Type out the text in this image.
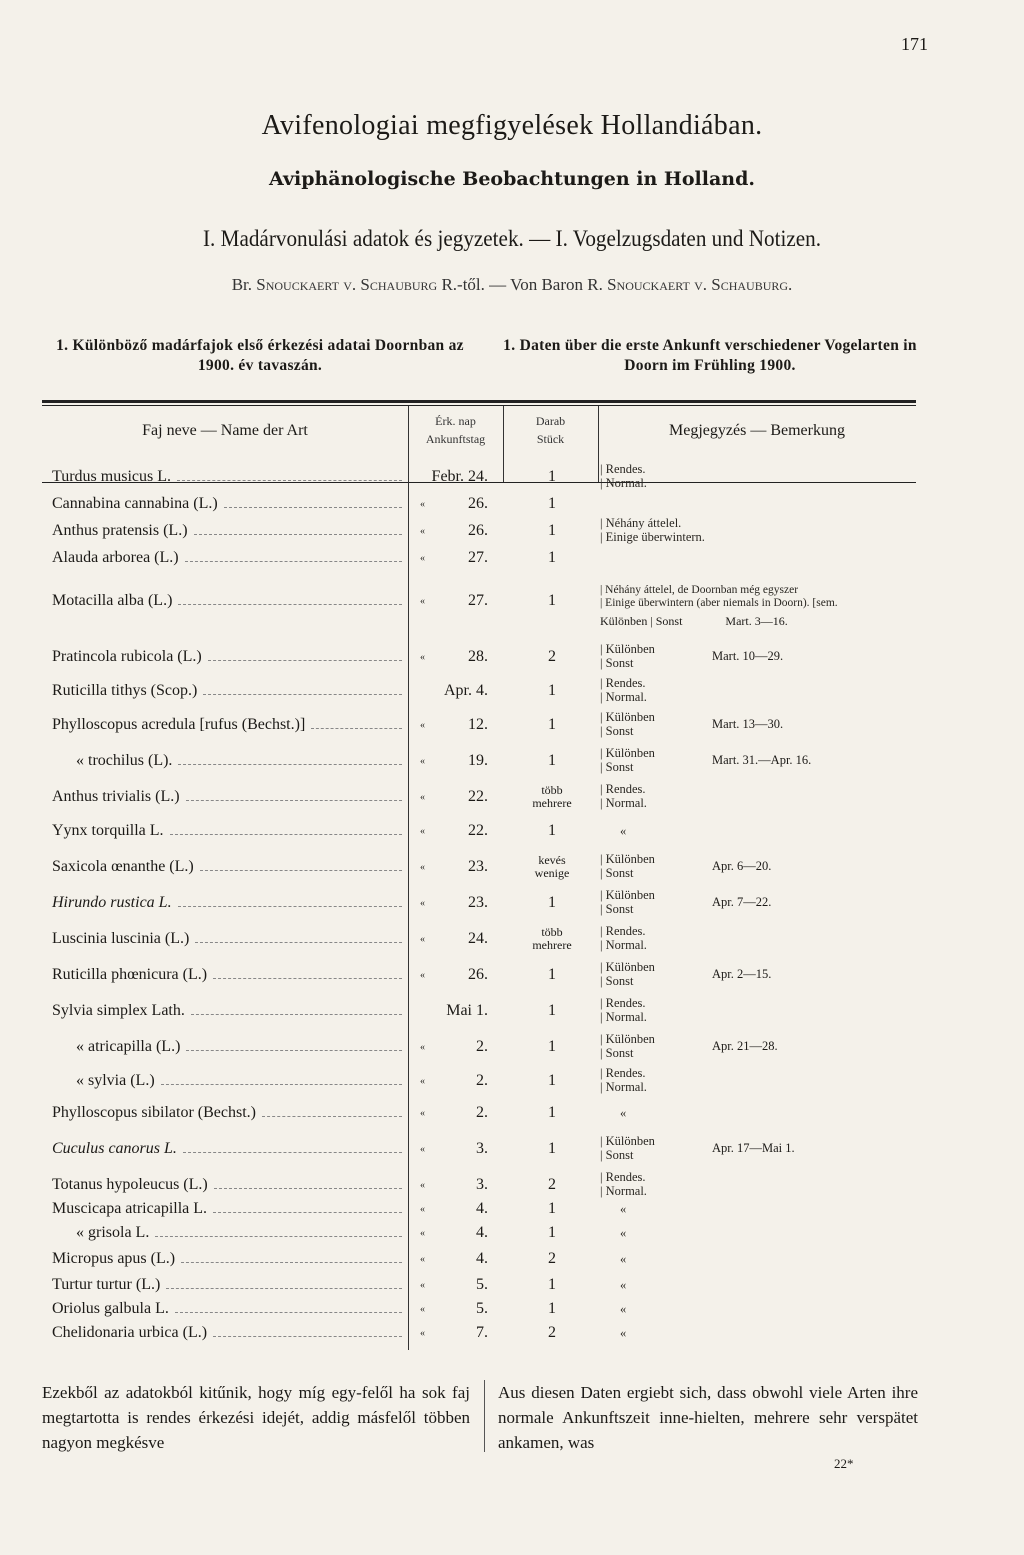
171
Avifenologiai megfigyelések Hollandiában.
Aviphänologische Beobachtungen in Holland.
I. Madárvonulási adatok és jegyzetek. — I. Vogelzugsdaten und Notizen.
Br. Snouckaert v. Schauburg R.-től. — Von Baron R. Snouckaert v. Schauburg.
1. Különböző madárfajok első érkezési adatai Doornban az 1900. év tavaszán.
1. Daten über die erste Ankunft verschiedener Vogelarten in Doorn im Frühling 1900.
Faj neve — Name der Art
Érk. nap
Ankunftstag
Darab
Stück	Megjegyzés — Bemerkung
Turdus musicus L.	Febr. 24.	1	| Rendes.
| Normal.
Cannabina cannabina (L.)	«	26.	1
Anthus pratensis (L.)	«	26.	1	| Néhány áttelel.
| Einige überwintern.
Alauda arborea (L.)	«	27.	1
Motacilla alba (L.)	«	27.	1
| Néhány áttelel, de Doornban még egyszer
| Einige überwintern (aber niemals in Doorn). [sem.
Különben | Sonst	Mart. 3—16.
Pratincola rubicola (L.)	«	28.	2	| Különben
| Sonst	Mart. 10—29.
Ruticilla tithys (Scop.)	Apr. 4.	1	| Rendes.
| Normal.
Phylloscopus acredula [rufus (Bechst.)]	«	12.	1	| Különben
| Sonst	Mart. 13—30.
« trochilus (L).	«	19.	1	| Különben
| Sonst	Mart. 31.—Apr. 16.
Anthus trivialis (L.)	«	22.	több
mehrere
| Rendes.
| Normal.
Yynx torquilla L.	«	22.	1	«
Saxicola œnanthe (L.)	«	23.	kevés
wenige
| Különben
| Sonst	Apr. 6—20.
Hirundo rustica L.	«	23.	1	| Különben
| Sonst	Apr. 7—22.
Luscinia luscinia (L.)	«	24.	több
mehrere
| Rendes.
| Normal.
Ruticilla phœnicura (L.)	«	26.	1	| Különben
| Sonst	Apr. 2—15.
Sylvia simplex Lath.	Mai 1.	1	| Rendes.
| Normal.
« atricapilla (L.)	«	2.	1	| Különben
| Sonst	Apr. 21—28.
« sylvia (L.)	«	2.	1	| Rendes.
| Normal.
Phylloscopus sibilator (Bechst.)	«	2.	1	«
Cuculus canorus L.	«	3.	1	| Különben
| Sonst	Apr. 17—Mai 1.
Totanus hypoleucus (L.)	«	3.	2	| Rendes.
| Normal.
Muscicapa atricapilla L.	«	4.	1	«
« grisola L.	«	4.	1	«
Micropus apus (L.)	«	4.	2	«
Turtur turtur (L.)	«	5.	1	«
Oriolus galbula L.	«	5.	1	«
Chelidonaria urbica (L.)	«	7.	2	«
Ezekből az adatokból kitűnik, hogy míg egy-felől ha sok faj megtartotta is rendes érkezési idejét, addig másfelől többen nagyon megkésve
Aus diesen Daten ergiebt sich, dass obwohl viele Arten ihre normale Ankunftszeit inne-hielten, mehrere sehr verspätet ankamen, was
22*
